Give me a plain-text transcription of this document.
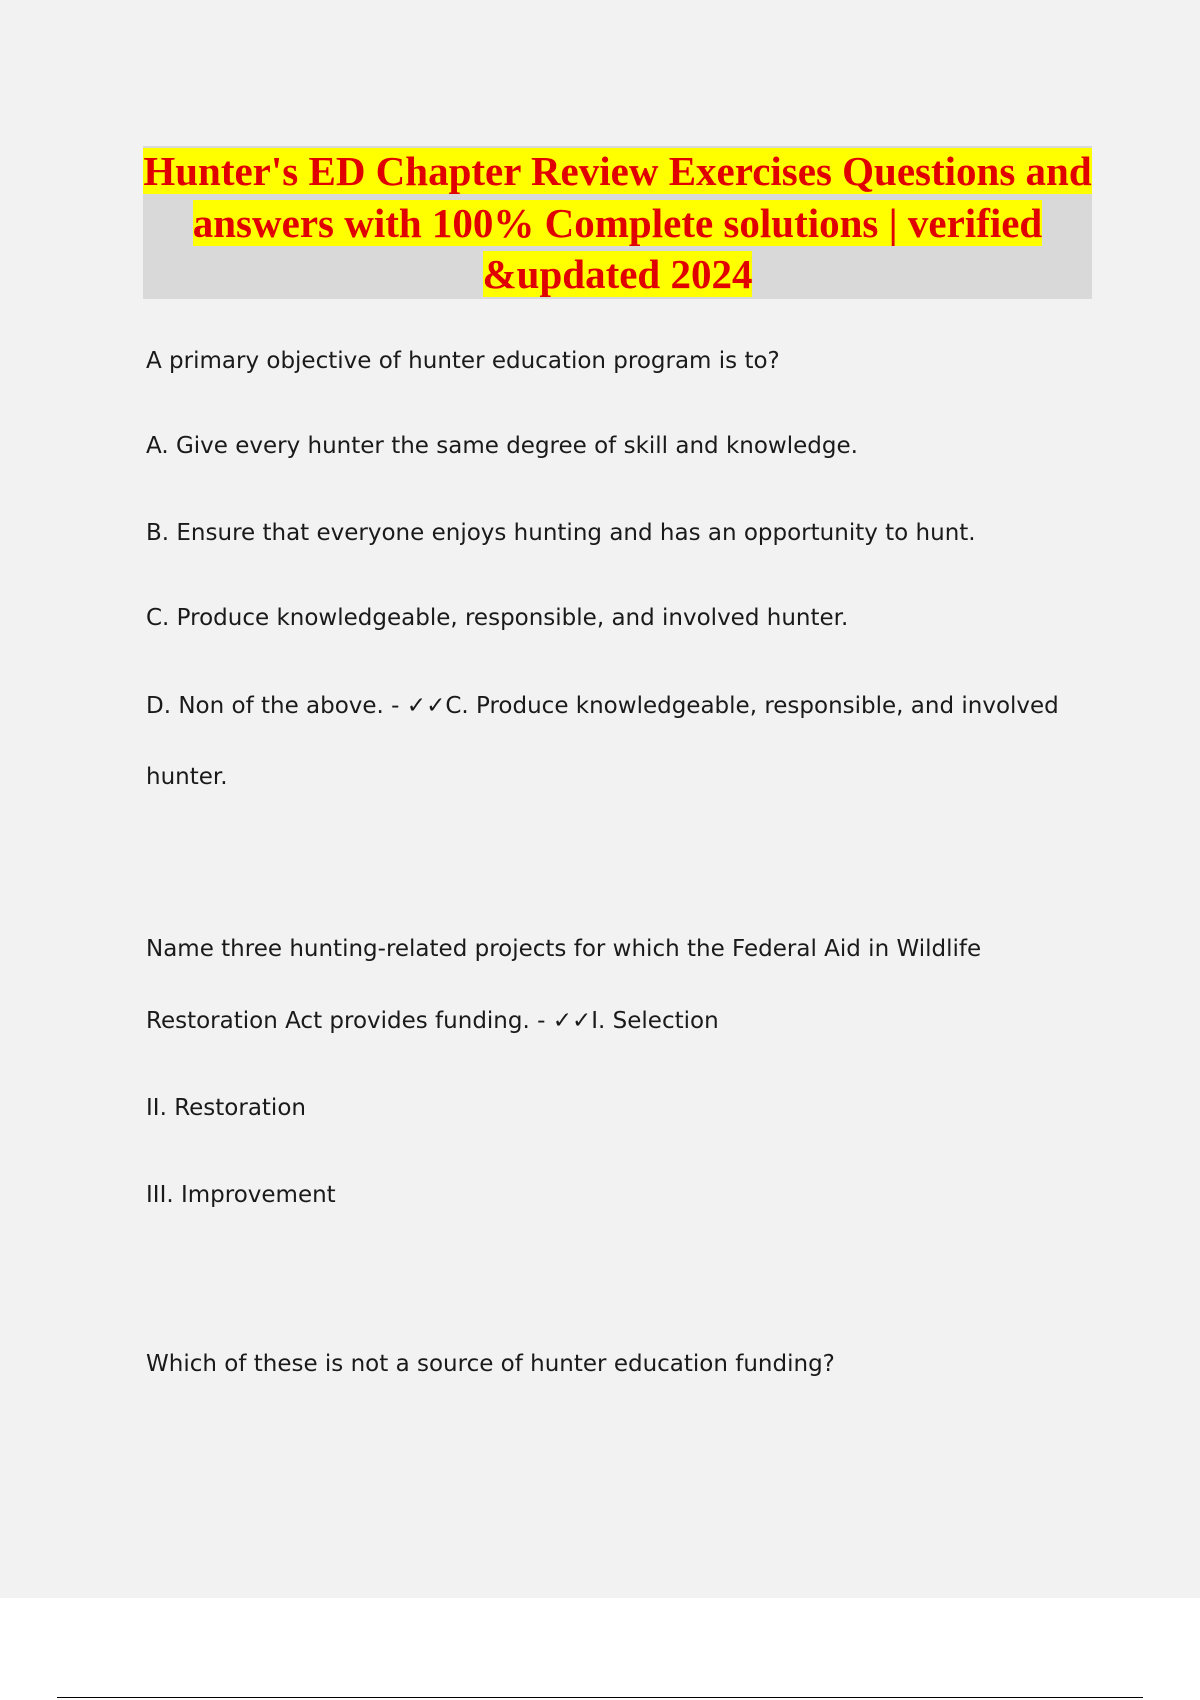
Hunter's ED Chapter Review Exercises Questions and answers with 100% Complete solutions | verified &updated 2024

A primary objective of hunter education program is to?

A. Give every hunter the same degree of skill and knowledge.

B. Ensure that everyone enjoys hunting and has an opportunity to hunt.

C. Produce knowledgeable, responsible, and involved hunter.

D. Non of the above. - ✓✓C. Produce knowledgeable, responsible, and involved

hunter.

Name three hunting-related projects for which the Federal Aid in Wildlife

Restoration Act provides funding. - ✓✓I. Selection

II. Restoration

III. Improvement

Which of these is not a source of hunter education funding?
